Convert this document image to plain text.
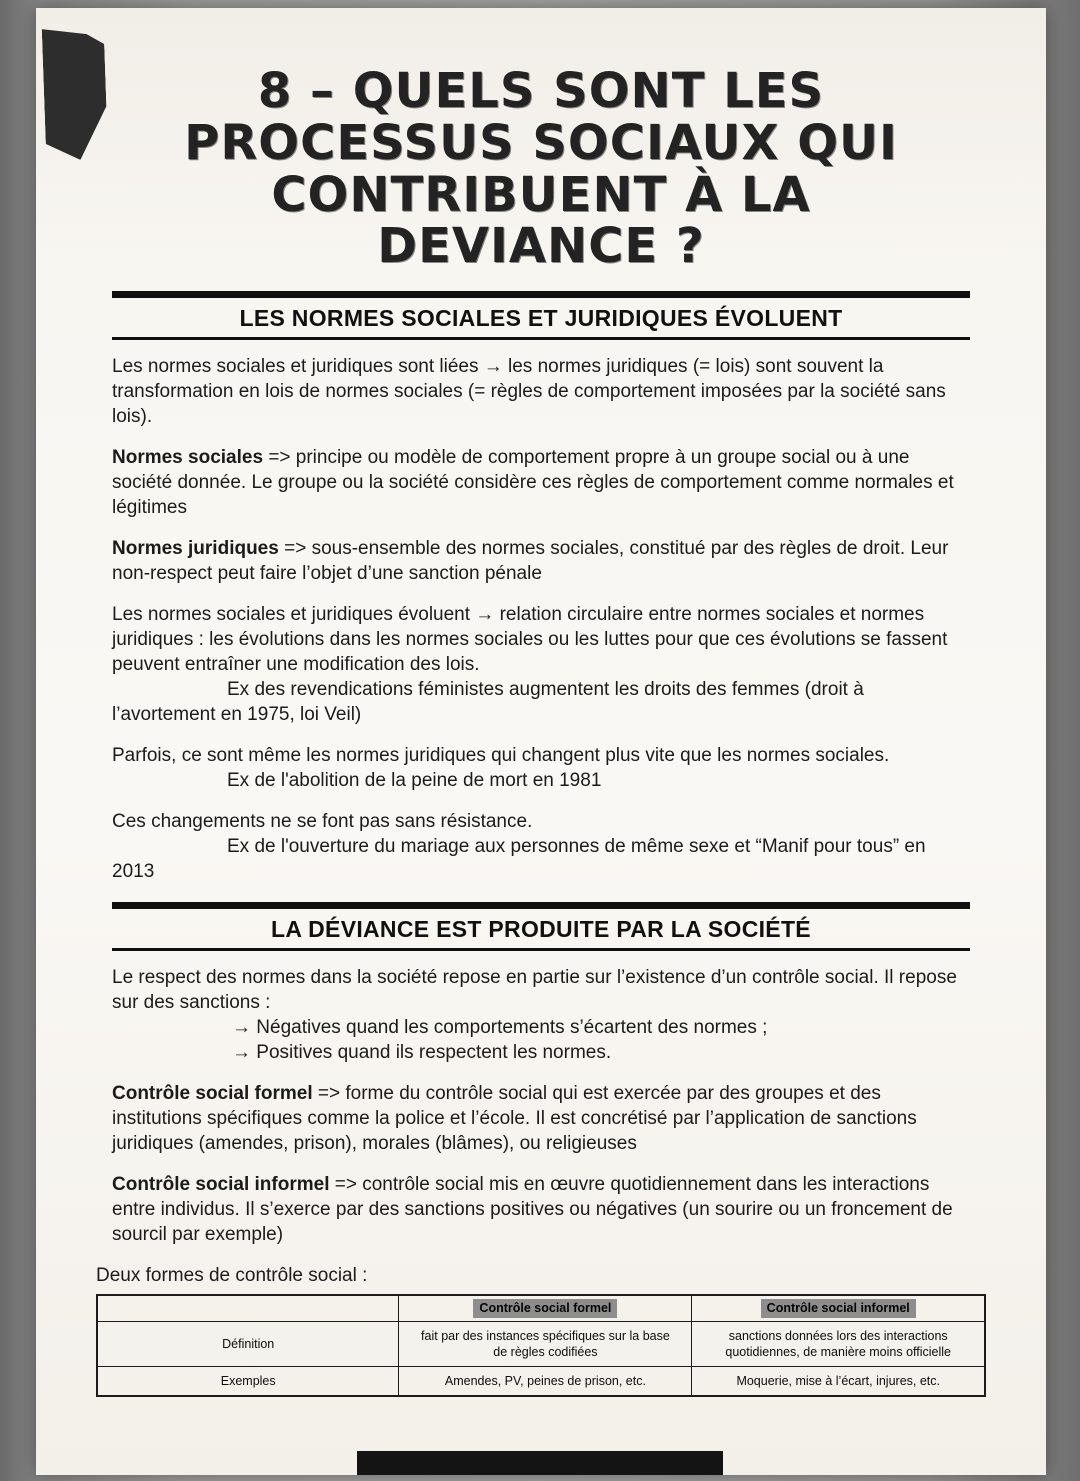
8 – QUELS SONT LES
PROCESSUS SOCIAUX QUI
CONTRIBUENT À LA
DEVIANCE ?
LES NORMES SOCIALES ET JURIDIQUES ÉVOLUENT

Les normes sociales et juridiques sont liées → les normes juridiques (= lois) sont souvent la transformation en lois de normes sociales (= règles de comportement imposées par la société sans lois).

Normes sociales => principe ou modèle de comportement propre à un groupe social ou à une société donnée. Le groupe ou la société considère ces règles de comportement comme normales et légitimes

Normes juridiques => sous-ensemble des normes sociales, constitué par des règles de droit. Leur non-respect peut faire l’objet d’une sanction pénale

Les normes sociales et juridiques évoluent → relation circulaire entre normes sociales et normes juridiques : les évolutions dans les normes sociales ou les luttes pour que ces évolutions se fassent peuvent entraîner une modification des lois.

Ex des revendications féministes augmentent les droits des femmes (droit à l’avortement en 1975, loi Veil)

Parfois, ce sont même les normes juridiques qui changent plus vite que les normes sociales.

Ex de l'abolition de la peine de mort en 1981

Ces changements ne se font pas sans résistance.

Ex de l'ouverture du mariage aux personnes de même sexe et “Manif pour tous” en 2013

LA DÉVIANCE EST PRODUITE PAR LA SOCIÉTÉ

Le respect des normes dans la société repose en partie sur l’existence d’un contrôle social. Il repose sur des sanctions :

→ Négatives quand les comportements s’écartent des normes ;

→ Positives quand ils respectent les normes.

Contrôle social formel => forme du contrôle social qui est exercée par des groupes et des institutions spécifiques comme la police et l’école. Il est concrétisé par l’application de sanctions juridiques (amendes, prison), morales (blâmes), ou religieuses

Contrôle social informel => contrôle social mis en œuvre quotidiennement dans les interactions entre individus. Il s’exerce par des sanctions positives ou négatives (un sourire ou un froncement de sourcil par exemple)

Deux formes de contrôle social :

	Contrôle social formel	Contrôle social informel
Définition	fait par des instances spécifiques sur la base de règles codifiées	sanctions données lors des interactions quotidiennes, de manière moins officielle
Exemples	Amendes, PV, peines de prison, etc.	Moquerie, mise à l’écart, injures, etc.
